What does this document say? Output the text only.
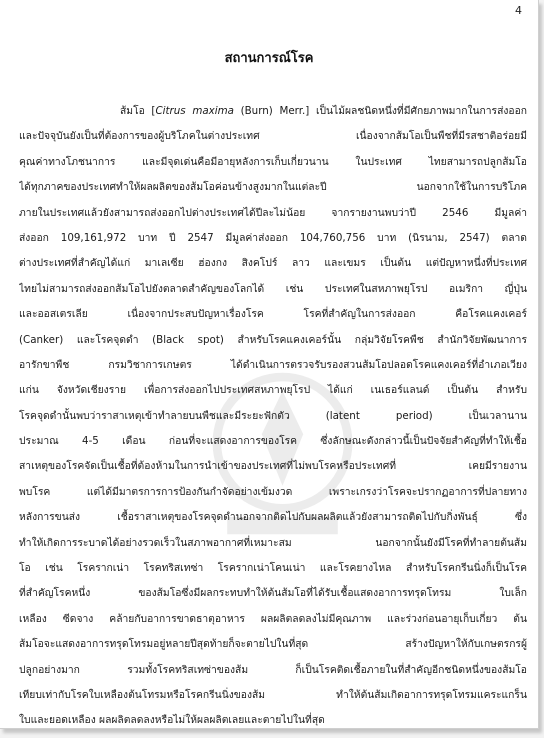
4
สถานการณ์โรค
ส้มโอ [Citrus maxima (Burn) Merr.] เป็นไม้ผลชนิดหนึ่งที่มีศักยภาพมากในการส่งออก
และปัจจุบันยังเป็นที่ต้องการของผู้บริโภคในต่างประเทศ เนื่องจากส้มโอเป็นพืชที่มีรสชาติอร่อยมี
คุณค่าทางโภชนาการ และมีจุดเด่นคือมีอายุหลังการเก็บเกี่ยวนาน ในประเทศ ไทยสามารถปลูกส้มโอ
ได้ทุกภาคของประเทศทำให้ผลผลิตของส้มโอค่อนข้างสูงมากในแต่ละปี นอกจากใช้ในการบริโภค
ภายในประเทศแล้วยังสามารถส่งออกไปต่างประเทศได้ปีละไม่น้อย จากรายงานพบว่าปี 2546 มีมูลค่า
ส่งออก 109,161,972 บาท ปี 2547 มีมูลค่าส่งออก 104,760,756 บาท (นิรนาม, 2547) ตลาด
ต่างประเทศที่สำคัญได้แก่ มาเลเซีย ฮ่องกง สิงคโปร์ ลาว และเขมร เป็นต้น แต่ปัญหาหนึ่งที่ประเทศ
ไทยไม่สามารถส่งออกส้มโอไปยังตลาดสำคัญของโลกได้ เช่น ประเทศในสหภาพยุโรป อเมริกา ญี่ปุ่น
และออสเตรเลีย เนื่องจากประสบปัญหาเรื่องโรค โรคที่สำคัญในการส่งออก คือโรคแคงเคอร์
(Canker) และโรคจุดดำ (Black spot) สำหรับโรคแคงเคอร์นั้น กลุ่มวิจัยโรคพืช สำนักวิจัยพัฒนาการ
อารักขาพืช กรมวิชาการเกษตร ได้ดำเนินการตรวจรับรองสวนส้มโอปลอดโรคแคงเคอร์ที่อำเภอเวียง
แก่น จังหวัดเชียงราย เพื่อการส่งออกไปประเทศสหภาพยุโรป ได้แก่ เนเธอร์แลนด์ เป็นต้น สำหรับ
โรคจุดดำนั้นพบว่าราสาเหตุเข้าทำลายบนพืชและมีระยะฟักตัว (latent period) เป็นเวลานาน
ประมาณ 4-5 เดือน ก่อนที่จะแสดงอาการของโรค ซึ่งลักษณะดังกล่าวนี้เป็นปัจจัยสำคัญที่ทำให้เชื้อ
สาเหตุของโรคจัดเป็นเชื้อที่ต้องห้ามในการนำเข้าของประเทศที่ไม่พบโรคหรือประเทศที่ เคยมีรายงาน
พบโรค แต่ได้มีมาตรการการป้องกันกำจัดอย่างเข้มงวด เพราะเกรงว่าโรคจะปรากฏอาการที่ปลายทาง
หลังการขนส่ง เชื้อราสาเหตุของโรคจุดดำนอกจากติดไปกับผลผลิตแล้วยังสามารถติดไปกับกิ่งพันธุ์ ซึ่ง
ทำให้เกิดการระบาดได้อย่างรวดเร็วในสภาพอากาศที่เหมาะสม นอกจากนั้นยังมีโรคที่ทำลายต้นส้ม
โอ เช่น โรครากเน่า โรคทริสเทซ่า โรครากเน่าโคนเน่า และโรคยางไหล สำหรับโรคกรีนนิ่งก็เป็นโรค
ที่สำคัญโรคหนึ่ง ของส้มโอซึ่งมีผลกระทบทำให้ต้นส้มโอที่ได้รับเชื้อแสดงอาการทรุดโทรม ใบเล็ก
เหลือง ซีดจาง คล้ายกับอาการขาดธาตุอาหาร ผลผลิตลดลงไม่มีคุณภาพ และร่วงก่อนอายุเก็บเกี่ยว ต้น
ส้มโอจะแสดงอาการทรุดโทรมอยู่หลายปีสุดท้ายก็จะตายไปในที่สุด สร้างปัญหาให้กับเกษตรกรผู้
ปลูกอย่างมาก รวมทั้งโรคทริสเทซ่าของส้ม ก็เป็นโรคติดเชื้อภายในที่สำคัญอีกชนิดหนึ่งของส้มโอ
เทียบเท่ากับโรคใบเหลืองต้นโทรมหรือโรคกรีนนิ่งของส้ม ทำให้ต้นส้มเกิดอาการทรุดโทรมแคระแกร็น
ใบและยอดเหลือง ผลผลิตลดลงหรือไม่ให้ผลผลิตเลยและตายไปในที่สุด
